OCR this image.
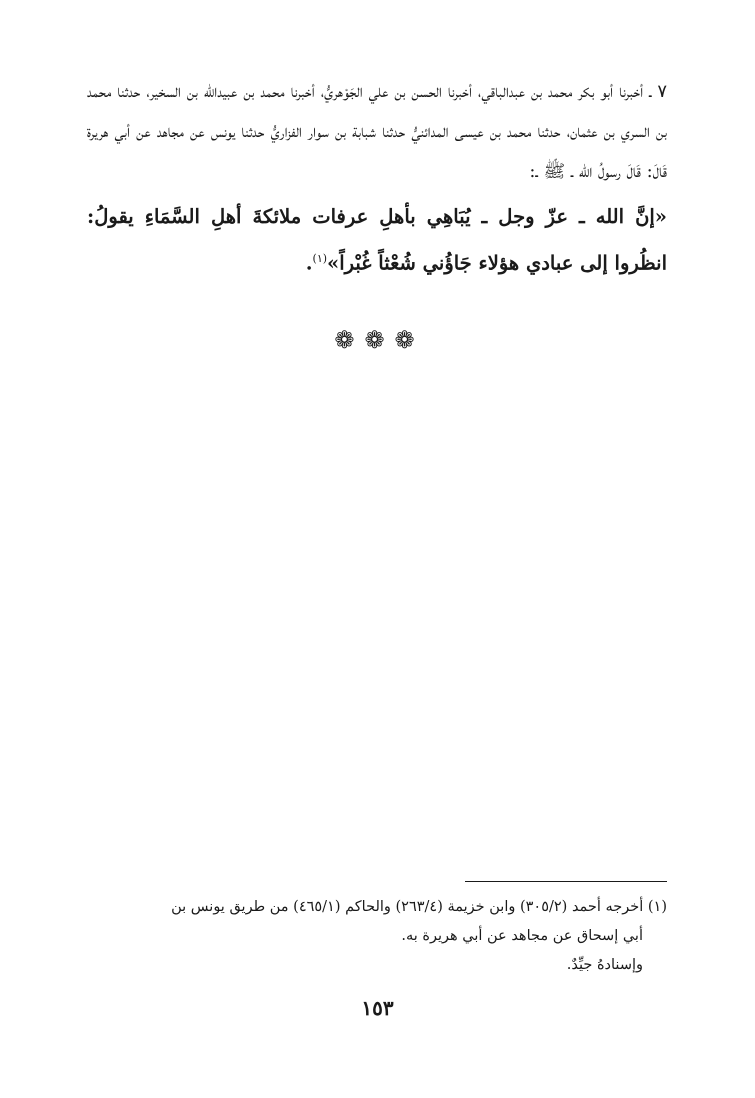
٧ ـ أخبرنا أبو بكر محمد بن عبدالباقي، أخبرنا الحسن بن علي الجَوْهريُّ، أخبرنا محمد بن عبيدالله بن السخير، حدثنا محمد بن السري بن عثمان، حدثنا محمد بن عيسى المدائنيُّ حدثنا شبابة بن سوار الفزاريُّ حدثنا يونس عن مجاهد عن أبي هريرة قَالَ: قَالَ رسولُ الله ـ ﷺ ـ:

«إنَّ الله ـ عزّ وجل ـ يُبَاهِي بأهلِ عرفات ملائكةَ أهلِ السَّمَاءِ يقولُ: انظُروا إلى عبادي هؤلاء جَاؤُني شُعْثاً غُبْراً»$^{(١)}$.

❁ ❁ ❁

(١) أخرجه أحمد (٣٠٥/٢) وابن خزيمة (٢٦٣/٤) والحاكم (٤٦٥/١) من طريق يونس بن

أبي إسحاق عن مجاهد عن أبي هريرة به.

وإسنادهُ جيِّدٌ.

١٥٣
